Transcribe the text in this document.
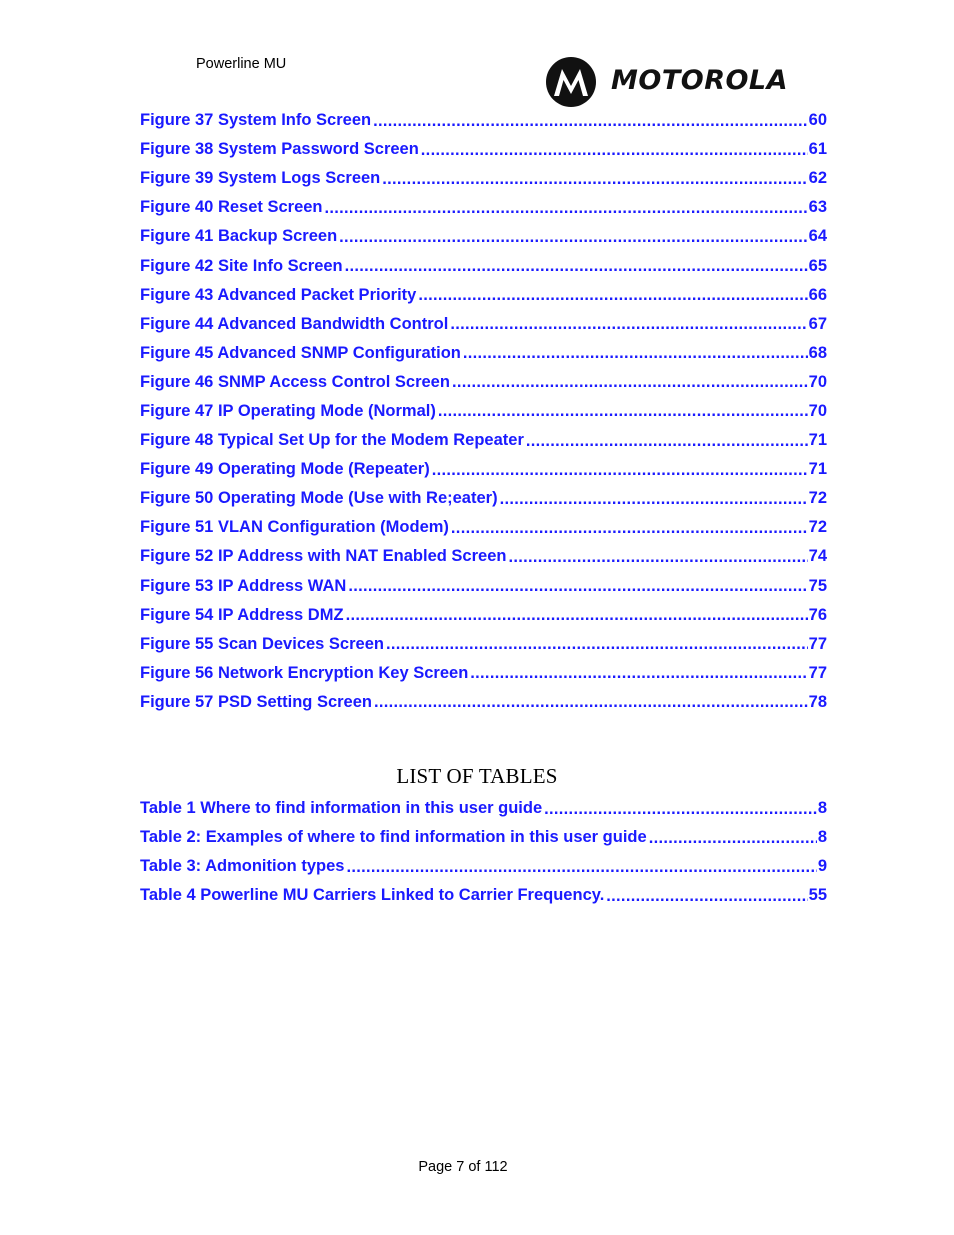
Powerline MU
MOTOROLA
Figure 37 System Info Screen .....	60
Figure 38 System Password Screen .....	61
Figure 39 System Logs Screen .....	62
Figure 40 Reset Screen .....	63
Figure 41 Backup Screen .....	64
Figure 42 Site Info Screen .....	65
Figure 43 Advanced Packet Priority .....	66
Figure 44 Advanced Bandwidth Control .....	67
Figure 45 Advanced SNMP Configuration .....	68
Figure 46 SNMP Access Control Screen .....	70
Figure 47 IP Operating Mode (Normal) .....	70
Figure 48 Typical Set Up for the Modem Repeater .....	71
Figure 49 Operating Mode (Repeater) .....	71
Figure 50 Operating Mode (Use with Re;eater) .....	72
Figure 51 VLAN Configuration (Modem) .....	72
Figure 52 IP Address with NAT Enabled Screen .....	74
Figure 53 IP Address WAN .....	75
Figure 54 IP Address DMZ .....	76
Figure 55 Scan Devices Screen .....	77
Figure 56 Network Encryption Key Screen .....	77
Figure 57 PSD Setting Screen .....	78
LIST OF TABLES
Table 1 Where to find information in this user guide .....	8
Table 2: Examples of where to find information in this user guide .....	8
Table 3: Admonition types .....	9
Table 4 Powerline MU Carriers Linked to Carrier Frequency. .....	55
Page 7 of 112
